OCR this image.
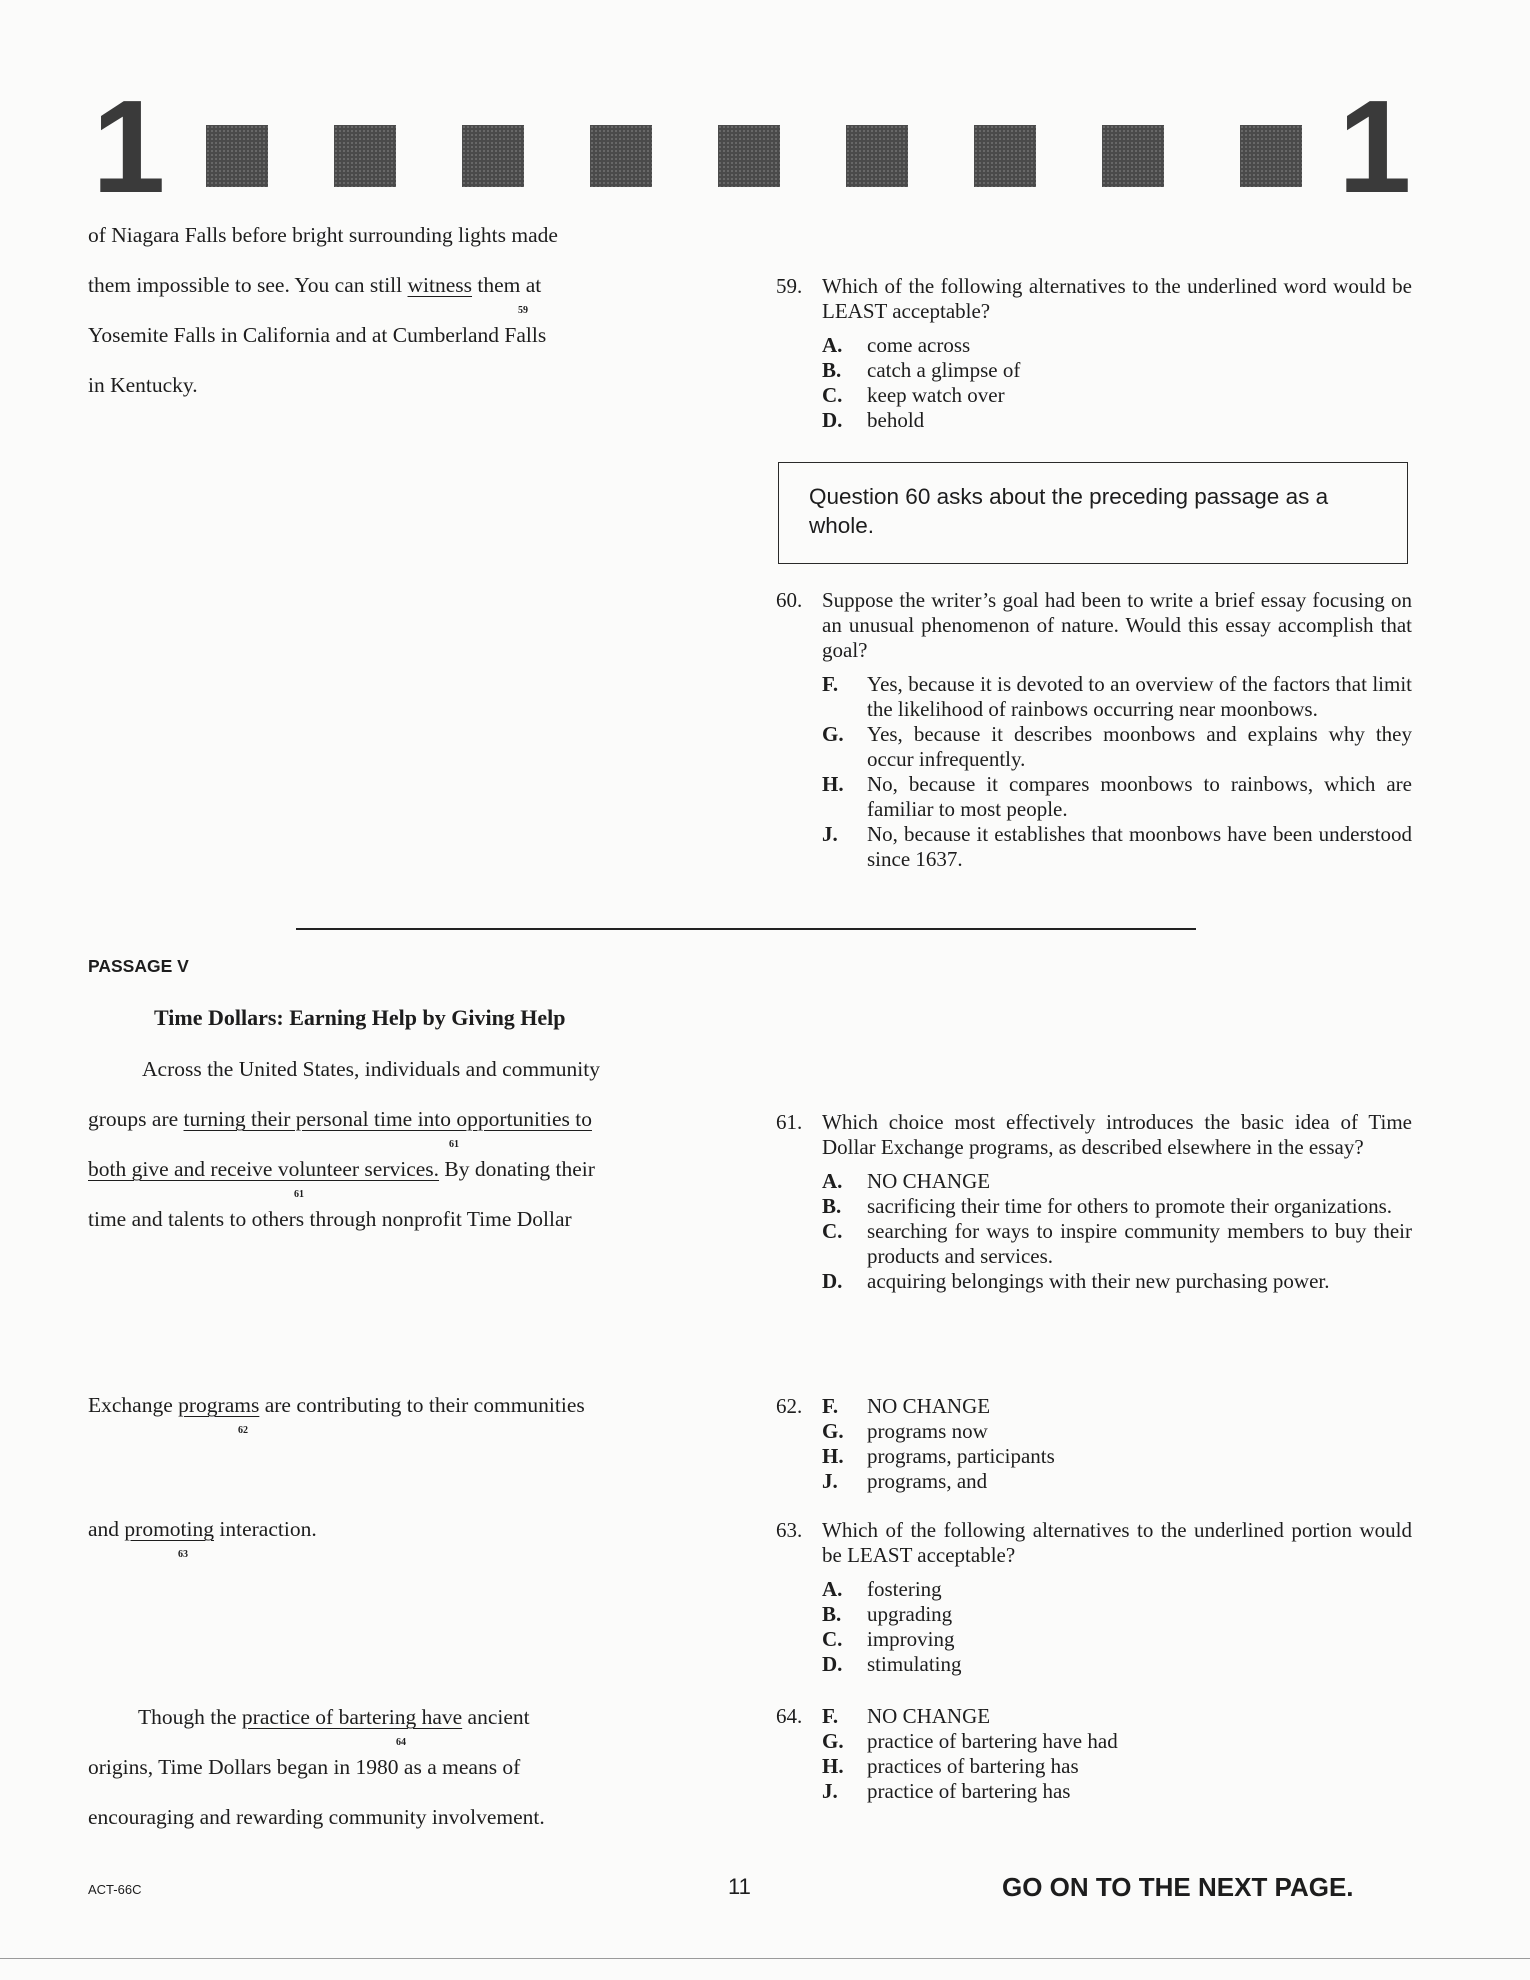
1	1
of Niagara Falls before bright surrounding lights made
them impossible to see. You can still witness them at
59
Yosemite Falls in California and at Cumberland Falls
in Kentucky.
59. Which of the following alternatives to the underlined word would be LEAST acceptable?
A.	come across
B.	catch a glimpse of
C.	keep watch over
D.	behold
Question 60 asks about the preceding passage as a whole.
60. Suppose the writer’s goal had been to write a brief essay focusing on an unusual phenomenon of nature. Would this essay accomplish that goal?
F.	Yes, because it is devoted to an overview of the factors that limit the likelihood of rainbows occurring near moonbows.
G.	Yes, because it describes moonbows and explains why they occur infrequently.
H.	No, because it compares moonbows to rainbows, which are familiar to most people.
J.	No, because it establishes that moonbows have been understood since 1637.
PASSAGE V
Time Dollars: Earning Help by Giving Help
Across the United States, individuals and community
groups are turning their personal time into opportunities to
61
both give and receive volunteer services. By donating their
61
time and talents to others through nonprofit Time Dollar
Exchange programs are contributing to their communities
62
and promoting interaction.
63
Though the practice of bartering have ancient
64
origins, Time Dollars began in 1980 as a means of
encouraging and rewarding community involvement.
61. Which choice most effectively introduces the basic idea of Time Dollar Exchange programs, as described elsewhere in the essay?
A.	NO CHANGE
B.	sacrificing their time for others to promote their organizations.
C.	searching for ways to inspire community members to buy their products and services.
D.	acquiring belongings with their new purchasing power.
62. F.	NO CHANGE
G.	programs now
H.	programs, participants
J.	programs, and
63. Which of the following alternatives to the underlined portion would be LEAST acceptable?
A.	fostering
B.	upgrading
C.	improving
D.	stimulating
64. F.	NO CHANGE
G.	practice of bartering have had
H.	practices of bartering has
J.	practice of bartering has
ACT-66C	11	GO ON TO THE NEXT PAGE.
